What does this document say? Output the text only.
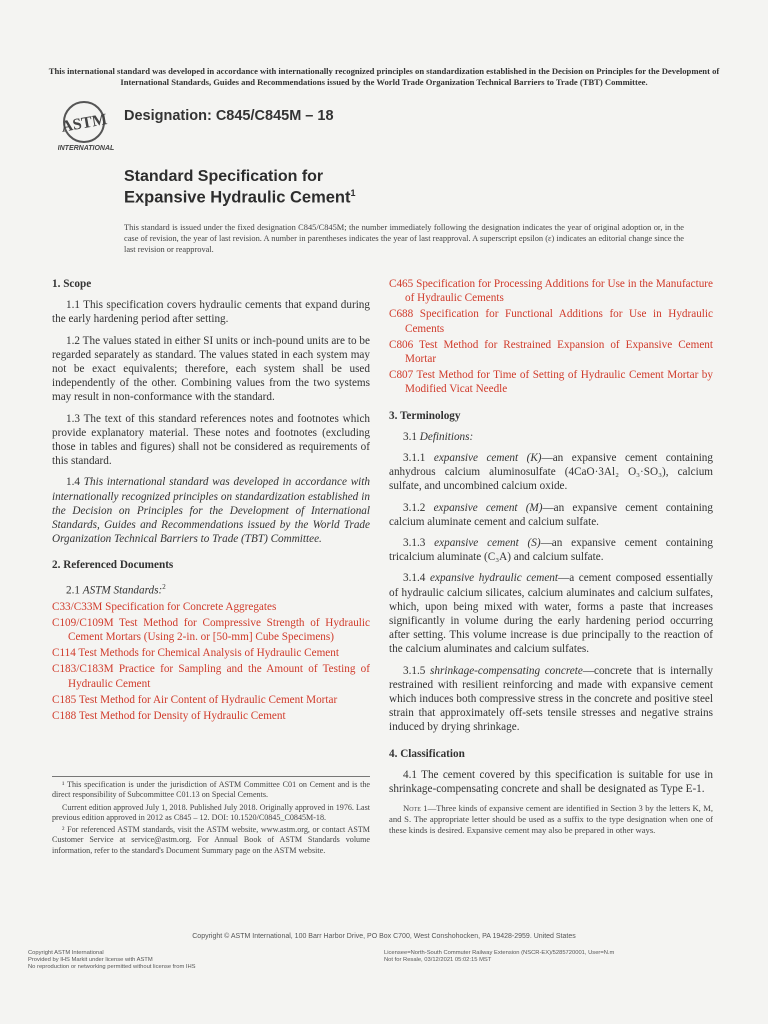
This international standard was developed in accordance with internationally recognized principles on standardization established in the Decision on Principles for the Development of International Standards, Guides and Recommendations issued by the World Trade Organization Technical Barriers to Trade (TBT) Committee.
ASTM
INTERNATIONAL
Designation: C845/C845M – 18
Standard Specification for
Expansive Hydraulic Cement$^1$
This standard is issued under the fixed designation C845/C845M; the number immediately following the designation indicates the year of original adoption or, in the case of revision, the year of last revision. A number in parentheses indicates the year of last reapproval. A superscript epsilon (ε) indicates an editorial change since the last revision or reapproval.
1. Scope

1.1 This specification covers hydraulic cements that expand during the early hardening period after setting.

1.2 The values stated in either SI units or inch-pound units are to be regarded separately as standard. The values stated in each system may not be exact equivalents; therefore, each system shall be used independently of the other. Combining values from the two systems may result in non-conformance with the standard.

1.3 The text of this standard references notes and footnotes which provide explanatory material. These notes and footnotes (excluding those in tables and figures) shall not be considered as requirements of this standard.

1.4 This international standard was developed in accordance with internationally recognized principles on standardization established in the Decision on Principles for the Development of International Standards, Guides and Recommendations issued by the World Trade Organization Technical Barriers to Trade (TBT) Committee.

2. Referenced Documents

2.1 ASTM Standards:$^2$

C33/C33M Specification for Concrete Aggregates

C109/C109M Test Method for Compressive Strength of Hydraulic Cement Mortars (Using 2-in. or [50-mm] Cube Specimens)

C114 Test Methods for Chemical Analysis of Hydraulic Cement

C183/C183M Practice for Sampling and the Amount of Testing of Hydraulic Cement

C185 Test Method for Air Content of Hydraulic Cement Mortar

C188 Test Method for Density of Hydraulic Cement

¹ This specification is under the jurisdiction of ASTM Committee C01 on Cement and is the direct responsibility of Subcommittee C01.13 on Special Cements.

Current edition approved July 1, 2018. Published July 2018. Originally approved in 1976. Last previous edition approved in 2012 as C845 – 12. DOI: 10.1520/C0845_C0845M-18.

² For referenced ASTM standards, visit the ASTM website, www.astm.org, or contact ASTM Customer Service at service@astm.org. For Annual Book of ASTM Standards volume information, refer to the standard's Document Summary page on the ASTM website.

C465 Specification for Processing Additions for Use in the Manufacture of Hydraulic Cements

C688 Specification for Functional Additions for Use in Hydraulic Cements

C806 Test Method for Restrained Expansion of Expansive Cement Mortar

C807 Test Method for Time of Setting of Hydraulic Cement Mortar by Modified Vicat Needle

3. Terminology

3.1 Definitions:

3.1.1 expansive cement (K)—an expansive cement containing anhydrous calcium aluminosulfate (4CaO·3Al₂ O₃·SO₃), calcium sulfate, and uncombined calcium oxide.

3.1.2 expansive cement (M)—an expansive cement containing calcium aluminate cement and calcium sulfate.

3.1.3 expansive cement (S)—an expansive cement containing tricalcium aluminate (C₃A) and calcium sulfate.

3.1.4 expansive hydraulic cement—a cement composed essentially of hydraulic calcium silicates, calcium aluminates and calcium sulfates, which, upon being mixed with water, forms a paste that increases significantly in volume during the early hardening period occurring after setting. This volume increase is due principally to the reaction of the calcium aluminates and calcium sulfates.

3.1.5 shrinkage-compensating concrete—concrete that is internally restrained with resilient reinforcing and made with expansive cement which induces both compressive stress in the concrete and positive steel strain that approximately off-sets tensile stresses and negative strains induced by drying shrinkage.

4. Classification

4.1 The cement covered by this specification is suitable for use in shrinkage-compensating concrete and shall be designated as Type E-1.

Note 1—Three kinds of expansive cement are identified in Section 3 by the letters K, M, and S. The appropriate letter should be used as a suffix to the type designation when one of these kinds is desired. Expansive cement may also be prepared in other ways.

Copyright © ASTM International, 100 Barr Harbor Drive, PO Box C700, West Conshohocken, PA 19428-2959. United States
Copyright ASTM International
Provided by IHS Markit under license with ASTM
No reproduction or networking permitted without license from IHS
Licensee=North-South Commuter Railway Extension (NSCR-EX)/5285720001, User=N.m
Not for Resale, 03/12/2021 05:02:15 MST
